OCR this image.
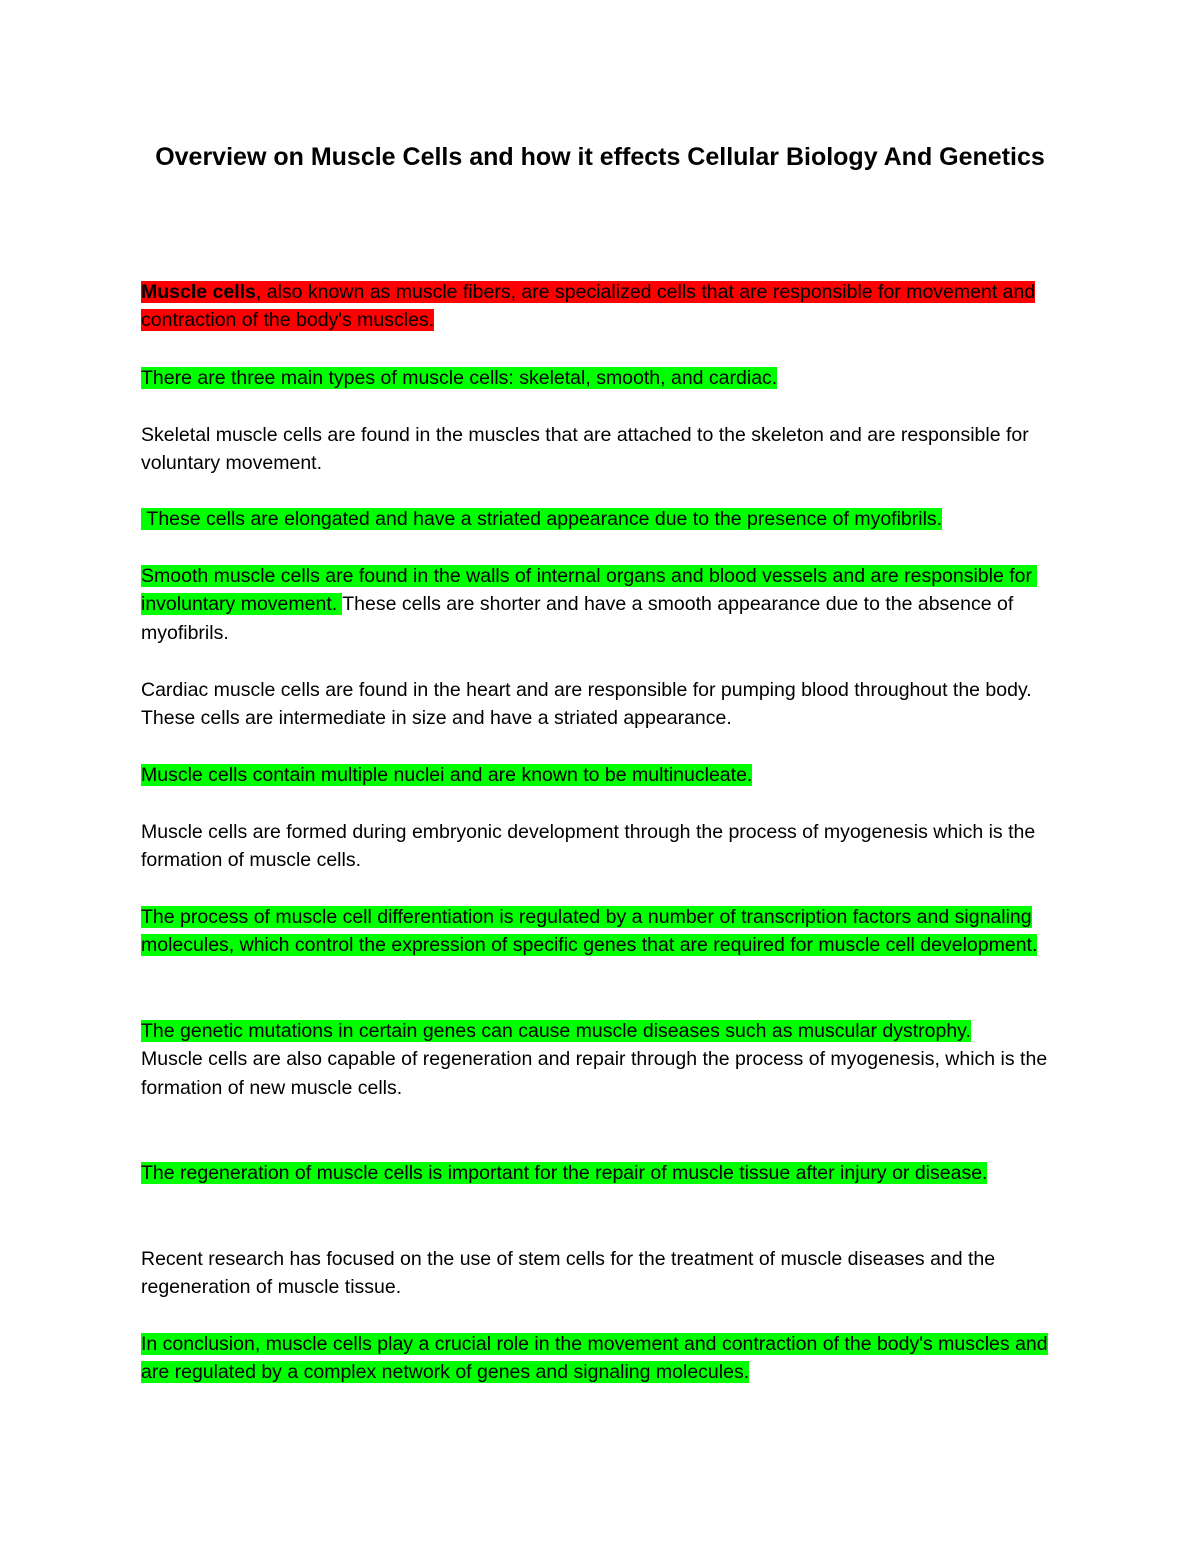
Overview on Muscle Cells and how it effects Cellular Biology And Genetics

Muscle cells, also known as muscle fibers, are specialized cells that are responsible for movement and contraction of the body's muscles.

There are three main types of muscle cells: skeletal, smooth, and cardiac.

Skeletal muscle cells are found in the muscles that are attached to the skeleton and are responsible for voluntary movement.

These cells are elongated and have a striated appearance due to the presence of myofibrils.

Smooth muscle cells are found in the walls of internal organs and blood vessels and are responsible for involuntary movement. These cells are shorter and have a smooth appearance due to the absence of myofibrils.

Cardiac muscle cells are found in the heart and are responsible for pumping blood throughout the body. These cells are intermediate in size and have a striated appearance.

Muscle cells contain multiple nuclei and are known to be multinucleate.

Muscle cells are formed during embryonic development through the process of myogenesis which is the formation of muscle cells.

The process of muscle cell differentiation is regulated by a number of transcription factors and signaling molecules, which control the expression of specific genes that are required for muscle cell development.

The genetic mutations in certain genes can cause muscle diseases such as muscular dystrophy.
Muscle cells are also capable of regeneration and repair through the process of myogenesis, which is the formation of new muscle cells.

The regeneration of muscle cells is important for the repair of muscle tissue after injury or disease.

Recent research has focused on the use of stem cells for the treatment of muscle diseases and the regeneration of muscle tissue.

In conclusion, muscle cells play a crucial role in the movement and contraction of the body's muscles and are regulated by a complex network of genes and signaling molecules.
